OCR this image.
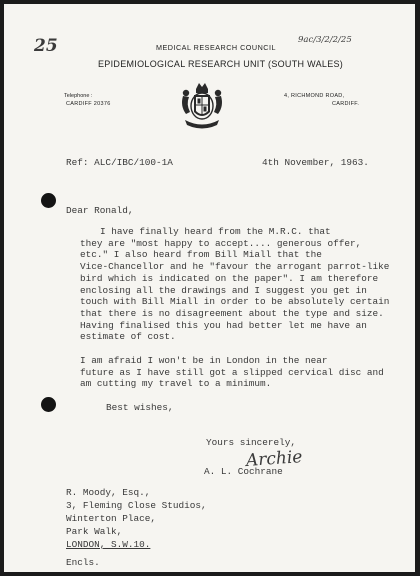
25	9ac/3/2/2/25
MEDICAL RESEARCH COUNCIL
EPIDEMIOLOGICAL RESEARCH UNIT (SOUTH WALES)
Telephone :
CARDIFF 20376
4, RICHMOND ROAD,
CARDIFF.
Ref: ALC/IBC/100-1A	4th November, 1963.
Dear Ronald,
I have finally heard from the M.R.C. that
they are "most happy to accept.... generous offer,
etc." I also heard from Bill Miall that the
Vice-Chancellor and he "favour the arrogant parrot-like
bird which is indicated on the paper". I am therefore
enclosing all the drawings and I suggest you get in
touch with Bill Miall in order to be absolutely certain
that there is no disagreement about the type and size.
Having finalised this you had better let me have an
estimate of cost.
I am afraid I won't be in London in the near
future as I have still got a slipped cervical disc and
am cutting my travel to a minimum.
Best wishes,
Yours sincerely,
Archie
A. L. Cochrane
R. Moody, Esq.,
3, Fleming Close Studios,
Winterton Place,
Park Walk,
LONDON, S.W.10.
Encls.
